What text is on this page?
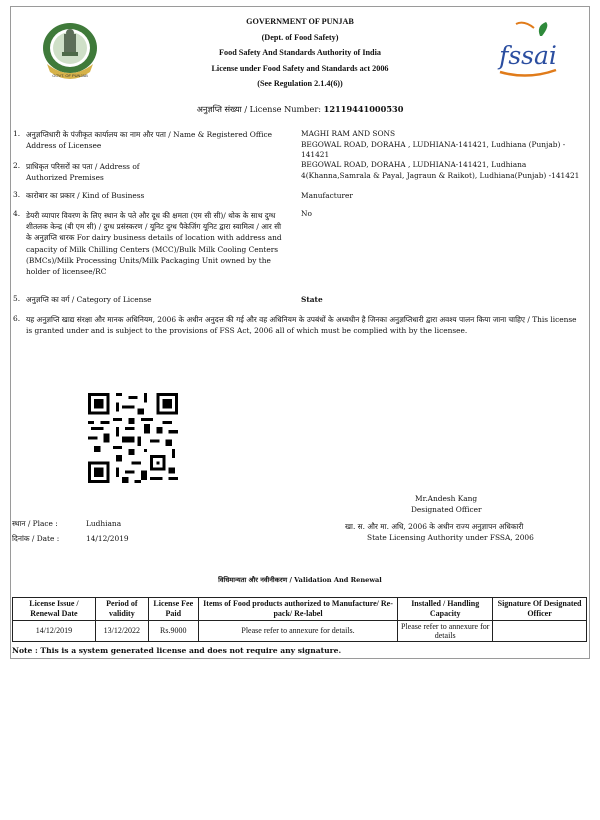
GOVT. OF PUNJAB
fssai
GOVERNMENT OF PUNJAB
(Dept. of Food Safety)
Food Safety And Standards Authority of India
License under Food Safety and Standards act 2006
(See Regulation 2.1.4(6))
अनुज्ञप्ति संख्या / License Number: 12119441000530
1. अनुज्ञप्तिधारी के पंजीकृत कार्यालय का नाम और पता / Name & Registered Office Address of Licensee
MAGHI RAM AND SONS
BEGOWAL ROAD, DORAHA , LUDHIANA-141421, Ludhiana (Punjab) - 141421
2. प्राधिकृत परिसरों का पता / Address of Authorized Premises
BEGOWAL ROAD, DORAHA , LUDHIANA-141421, Ludhiana 4(Khanna,Samrala & Payal, Jagraun & Raikot), Ludhiana(Punjab) -141421
3. कारोबार का प्रकार / Kind of Business	Manufacturer
4. डेयरी व्यापार विवरण के लिए स्थान के पते और दूध की क्षमता (एम सी सी)/ थोक के साथ दुग्ध शीतलक केन्द्र (बी एम सी) / दुग्ध प्रसंस्करण / यूनिट दुग्ध पैकेजिंग यूनिट द्वारा स्वामित्व / आर सी के अनुज्ञप्ति धारक For dairy business details of location with address and capacity of Milk Chilling Centers (MCC)/Bulk Milk Cooling Centers (BMCs)/Milk Processing Units/Milk Packaging Unit owned by the holder of licensee/RC
No
5. अनुज्ञप्ति का वर्ग / Category of License	State
6. यह अनुज्ञप्ति खाद्य संरक्षा और मानक अधिनियम, 2006 के अधीन अनुदत्त की गई और वह अधिनियम के उपबंधों के अध्यधीन है जिनका अनुज्ञप्तिधारी द्वारा अवश्य पालन किया जाना चाहिए / This license is granted under and is subject to the provisions of FSS Act, 2006 all of which must be complied with by the licensee.
Mr.Andesh Kang
Designated Officer
खा. स. और मा. अधि, 2006 के अधीन राज्य अनुज्ञापन अधिकारी
State Licensing Authority under FSSA, 2006
स्थान / Place :	Ludhiana
दिनांक / Date :	14/12/2019
विधिमान्यता और नवीनीकरण / Validation And Renewal
License Issue / Renewal Date	Period of validity	License Fee Paid	Items of Food products authorized to Manufacture/ Re-pack/ Re-label	Installed / Handling Capacity	Signature Of Designated Officer
14/12/2019	13/12/2022	Rs.9000	Please refer to annexure for details.	Please refer to annexure for details	
Note : This is a system generated license and does not require any signature.
